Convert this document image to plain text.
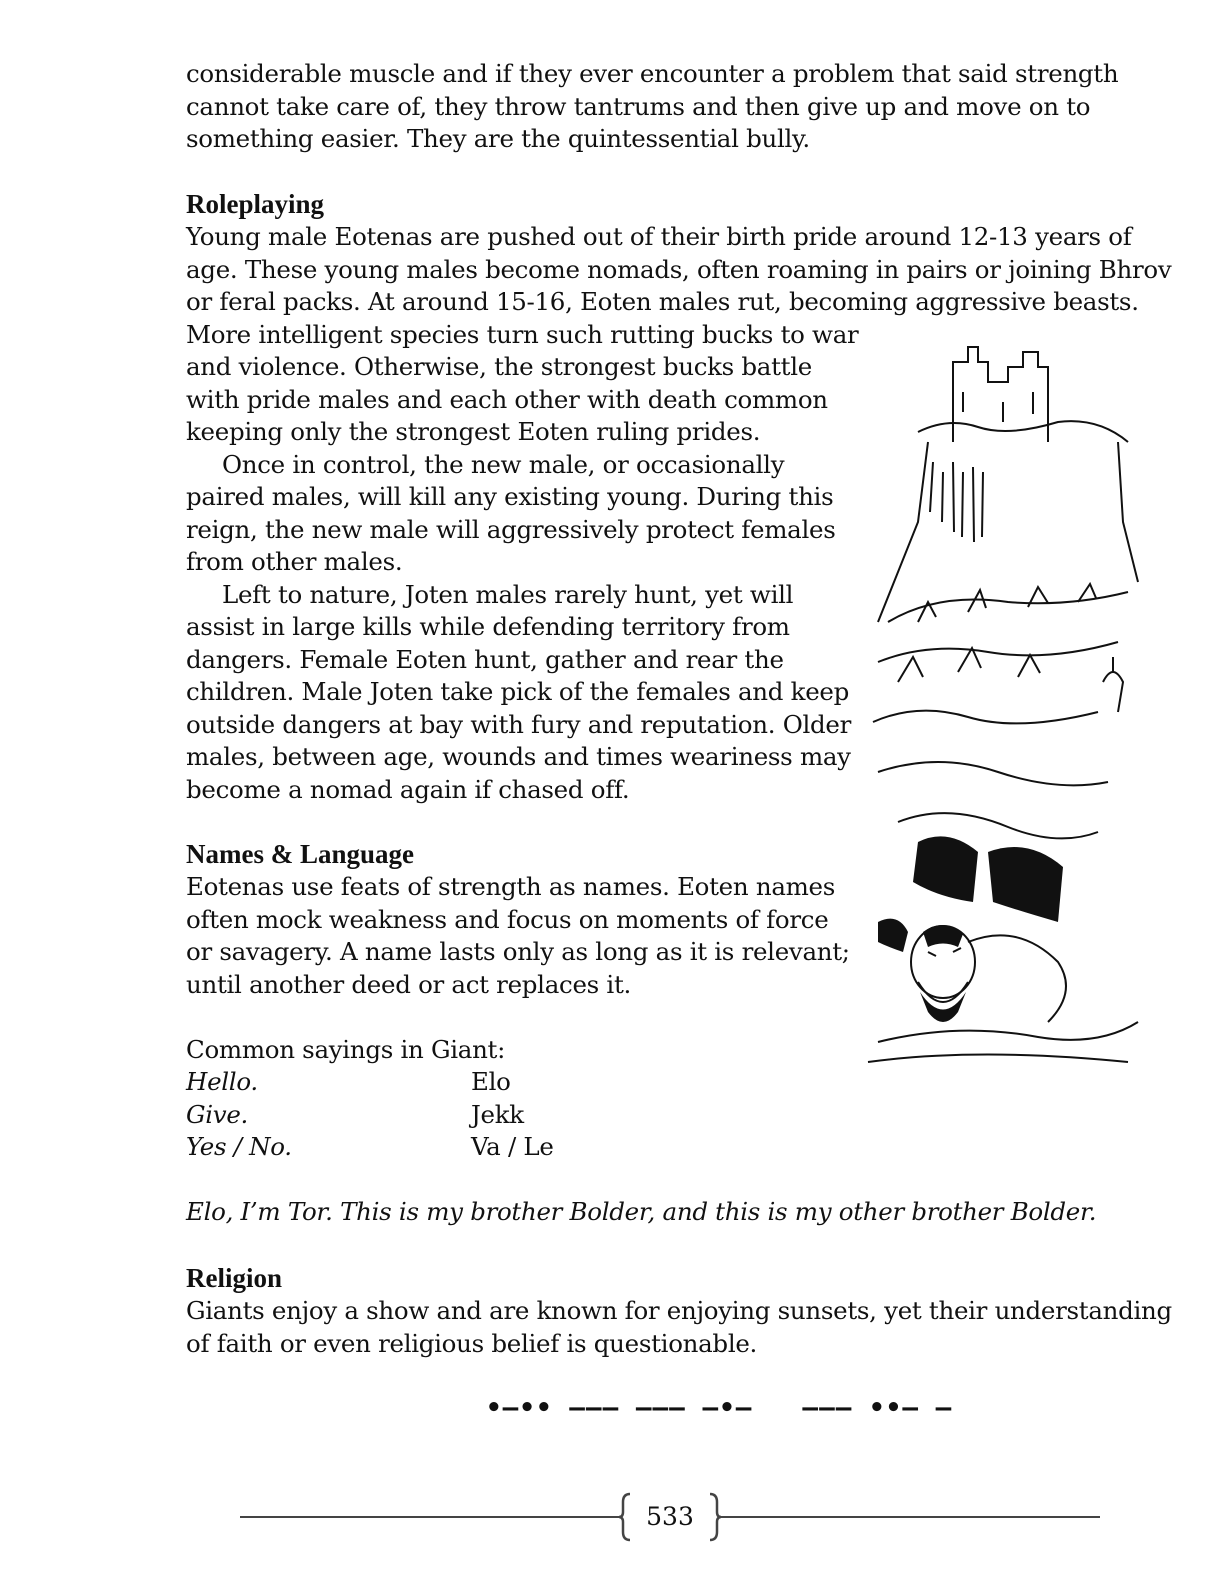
considerable muscle and if they ever encounter a problem that said strength
cannot take care of, they throw tantrums and then give up and move on to
something easier. They are the quintessential bully.
Roleplaying
Young male Eotenas are pushed out of their birth pride around 12-13 years of
age. These young males become nomads, often roaming in pairs or joining Bhrov
or feral packs. At around 15-16, Eoten males rut, becoming aggressive beasts.
More intelligent species turn such rutting bucks to war
and violence. Otherwise, the strongest bucks battle
with pride males and each other with death common
keeping only the strongest Eoten ruling prides.
Once in control, the new male, or occasionally
paired males, will kill any existing young. During this
reign, the new male will aggressively protect females
from other males.
Left to nature, Joten males rarely hunt, yet will
assist in large kills while defending territory from
dangers. Female Eoten hunt, gather and rear the
children. Male Joten take pick of the females and keep
outside dangers at bay with fury and reputation. Older
males, between age, wounds and times weariness may
become a nomad again if chased off.
Names & Language
Eotenas use feats of strength as names. Eoten names
often mock weakness and focus on moments of force
or savagery. A name lasts only as long as it is relevant;
until another deed or act replaces it.
Common sayings in Giant:
Hello.	Elo
Give.	Jekk
Yes / No.	Va / Le
Elo, I’m Tor. This is my brother Bolder, and this is my other brother Bolder.
Religion
Giants enjoy a show and are known for enjoying sunsets, yet their understanding
of faith or even religious belief is questionable.
•–•• ––– ––– –•–   ––– ••– –
533
